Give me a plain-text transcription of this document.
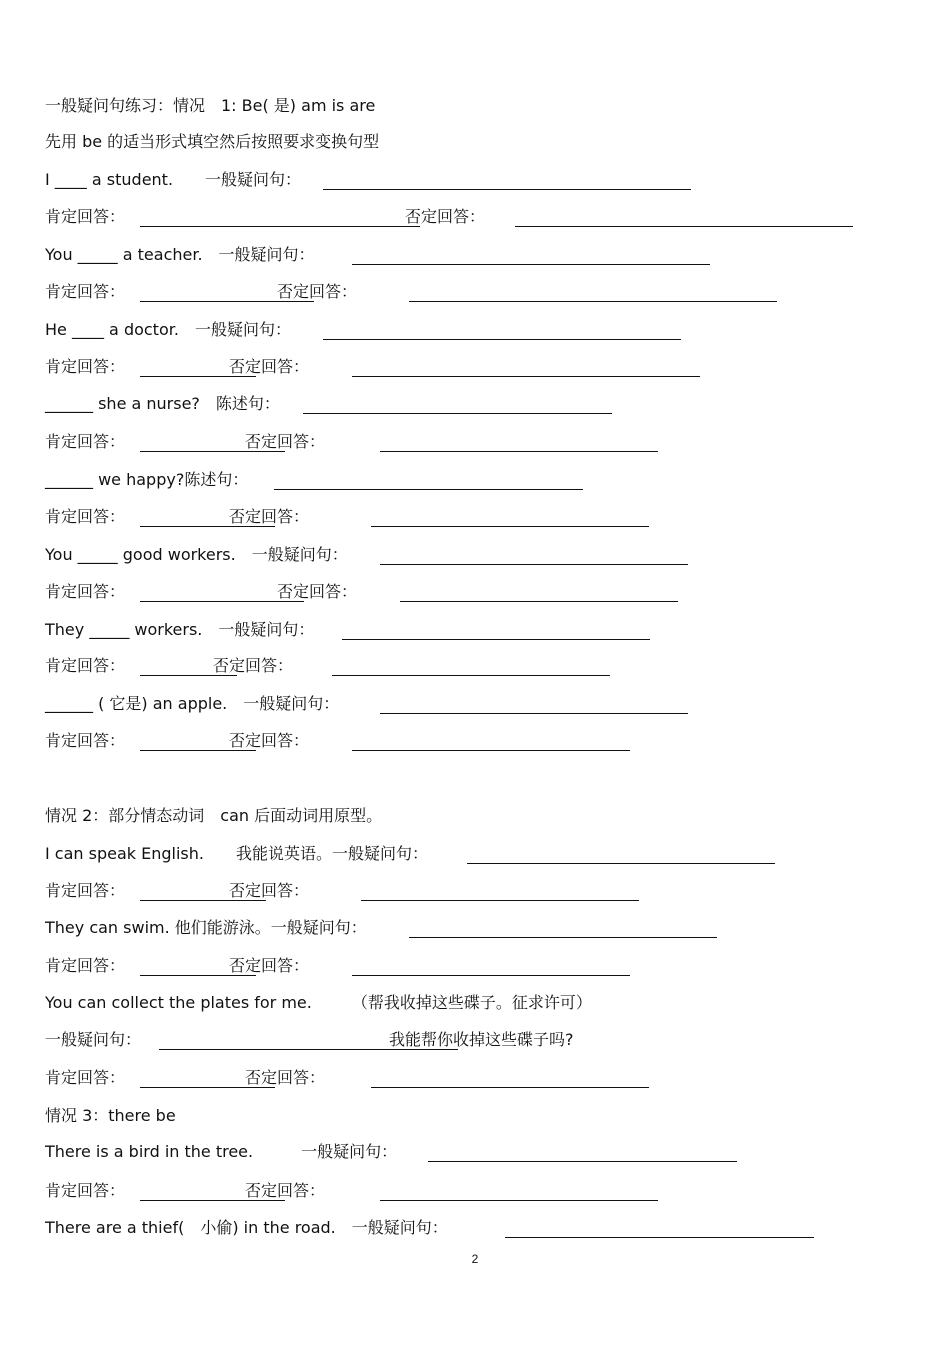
一般疑问句练习：情况　1: Be( 是) am is are
先用 be 的适当形式填空然后按照要求变换句型
I ____ a student.　　一般疑问句：
肯定回答：　　　　　　　　　　　　　　　　　　否定回答：
You _____ a teacher.　一般疑问句：
肯定回答：　　　　　　　　　　否定回答：
He ____ a doctor.　一般疑问句：
肯定回答：　　　　　　　否定回答：
______ she a nurse?　陈述句：
肯定回答：　　　　　　　　否定回答：
______ we happy?陈述句：
肯定回答：　　　　　　　否定回答：
You _____ good workers.　一般疑问句：
肯定回答：　　　　　　　　　　否定回答：
They _____ workers.　一般疑问句：
肯定回答：　　　　　　否定回答：
______ ( 它是) an apple.　一般疑问句：
肯定回答：　　　　　　　否定回答：
情况 2：部分情态动词　can 后面动词用原型。
I can speak English.　　我能说英语。一般疑问句：
肯定回答：　　　　　　　否定回答：
They can swim. 他们能游泳。一般疑问句：
肯定回答：　　　　　　　否定回答：
You can collect the plates for me.　　　（帮我收掉这些碟子。征求许可）
一般疑问句：　　　　　　　　　　　　　　　　我能帮你收掉这些碟子吗?
肯定回答：　　　　　　　　否定回答：
情况 3：there be
There is a bird in the tree.　　　一般疑问句：
肯定回答：　　　　　　　　否定回答：
There are a thief(　小偷) in the road.　一般疑问句：
2
